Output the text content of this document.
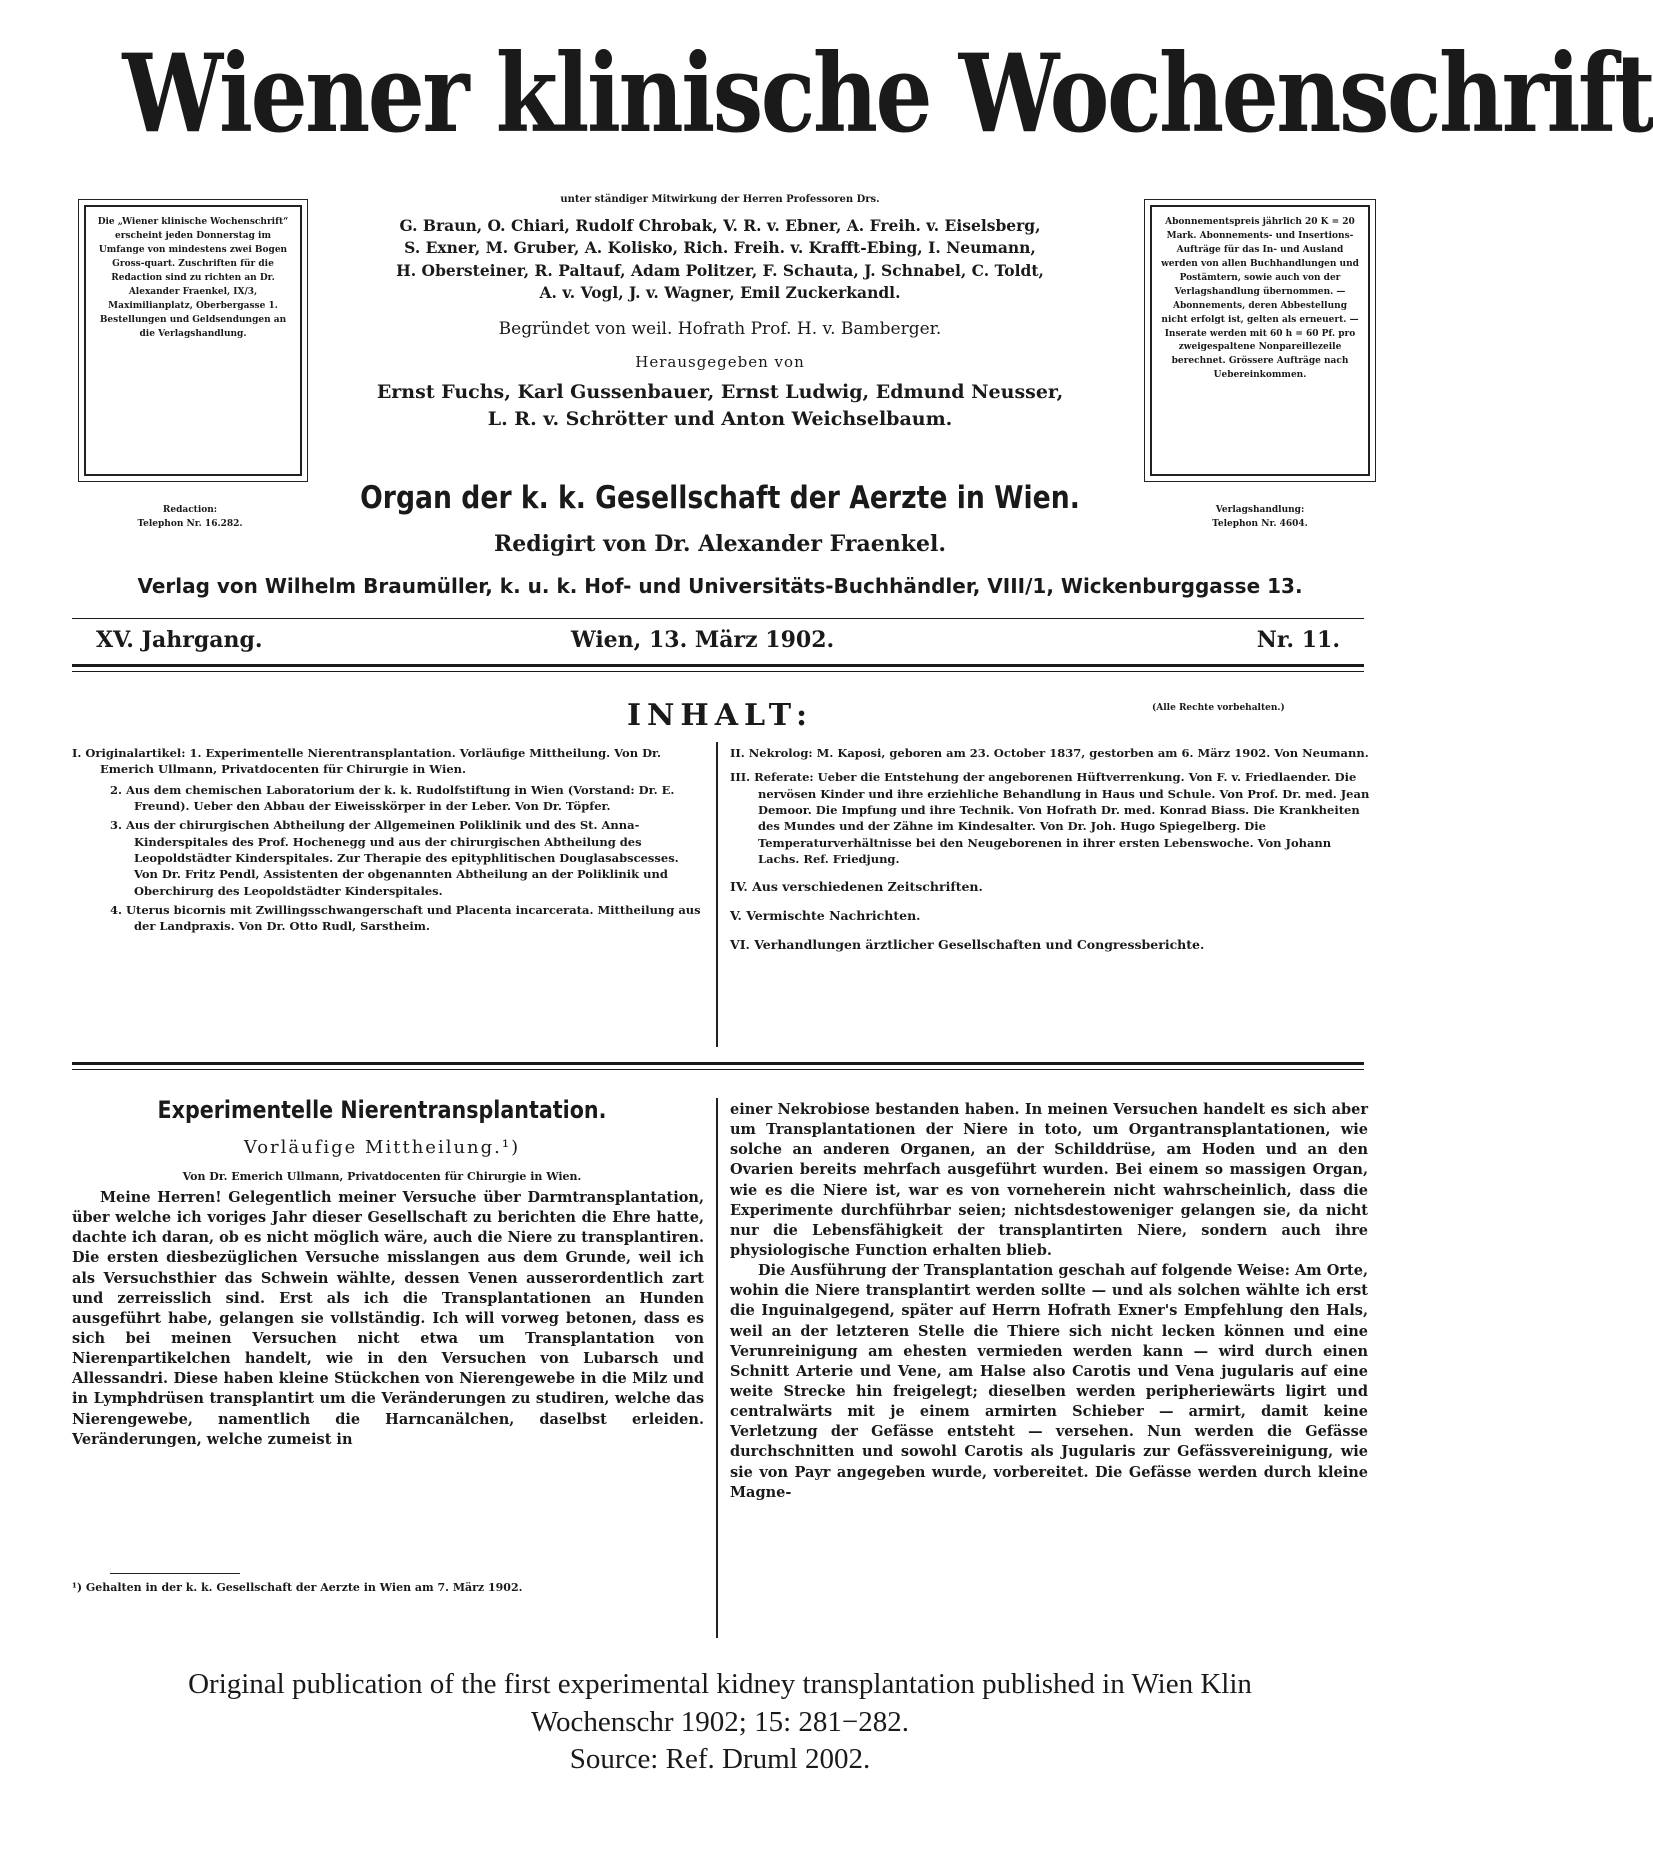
Wiener klinische Wochenschrift
Die „Wiener klinische Wochenschrift“ erscheint jeden Donnerstag im Umfange von mindestens zwei Bogen Gross-quart. Zuschriften für die Redaction sind zu richten an Dr. Alexander Fraenkel, IX/3, Maximilianplatz, Oberbergasse 1. Bestellungen und Geldsendungen an die Verlagshandlung.
Redaction:
Telephon Nr. 16.282.
Abonnementspreis jährlich 20 K = 20 Mark. Abonnements- und Insertions-Aufträge für das In- und Ausland werden von allen Buchhandlungen und Postämtern, sowie auch von der Verlagshandlung übernommen. — Abonnements, deren Abbestellung nicht erfolgt ist, gelten als erneuert. — Inserate werden mit 60 h = 60 Pf. pro zweigespaltene Nonpareillezeile berechnet. Grössere Aufträge nach Uebereinkommen.
Verlagshandlung:
Telephon Nr. 4604.

unter ständiger Mitwirkung der Herren Professoren Drs.

G. Braun, O. Chiari, Rudolf Chrobak, V. R. v. Ebner, A. Freih. v. Eiselsberg,

S. Exner, M. Gruber, A. Kolisko, Rich. Freih. v. Krafft-Ebing, I. Neumann,

H. Obersteiner, R. Paltauf, Adam Politzer, F. Schauta, J. Schnabel, C. Toldt,

A. v. Vogl, J. v. Wagner, Emil Zuckerkandl.

Begründet von weil. Hofrath Prof. H. v. Bamberger.

Herausgegeben von

Ernst Fuchs, Karl Gussenbauer, Ernst Ludwig, Edmund Neusser,

L. R. v. Schrötter und Anton Weichselbaum.

Organ der k. k. Gesellschaft der Aerzte in Wien.
Redigirt von Dr. Alexander Fraenkel.
Verlag von Wilhelm Braumüller, k. u. k. Hof- und Universitäts-Buchhändler, VIII/1, Wickenburggasse 13.
XV. Jahrgang.	Wien, 13. März 1902.	Nr. 11.
INHALT:	(Alle Rechte vorbehalten.)

I. Originalartikel: 1. Experimentelle Nierentransplantation. Vorläufige Mittheilung. Von Dr. Emerich Ullmann, Privatdocenten für Chirurgie in Wien.

2. Aus dem chemischen Laboratorium der k. k. Rudolfstiftung in Wien (Vorstand: Dr. E. Freund). Ueber den Abbau der Eiweisskörper in der Leber. Von Dr. Töpfer.

3. Aus der chirurgischen Abtheilung der Allgemeinen Poliklinik und des St. Anna-Kinderspitales des Prof. Hochenegg und aus der chirurgischen Abtheilung des Leopoldstädter Kinderspitales. Zur Therapie des epityphlitischen Douglasabscesses. Von Dr. Fritz Pendl, Assistenten der obgenannten Abtheilung an der Poliklinik und Oberchirurg des Leopoldstädter Kinderspitales.

4. Uterus bicornis mit Zwillingsschwangerschaft und Placenta incarcerata. Mittheilung aus der Landpraxis. Von Dr. Otto Rudl, Sarstheim.

II. Nekrolog: M. Kaposi, geboren am 23. October 1837, gestorben am 6. März 1902. Von Neumann.

III. Referate: Ueber die Entstehung der angeborenen Hüftverrenkung. Von F. v. Friedlaender. Die nervösen Kinder und ihre erziehliche Behandlung in Haus und Schule. Von Prof. Dr. med. Jean Demoor. Die Impfung und ihre Technik. Von Hofrath Dr. med. Konrad Biass. Die Krankheiten des Mundes und der Zähne im Kindesalter. Von Dr. Joh. Hugo Spiegelberg. Die Temperaturverhältnisse bei den Neugeborenen in ihrer ersten Lebenswoche. Von Johann Lachs. Ref. Friedjung.

IV. Aus verschiedenen Zeitschriften.

V. Vermischte Nachrichten.

VI. Verhandlungen ärztlicher Gesellschaften und Congressberichte.

Experimentelle Nierentransplantation.
Vorläufige Mittheilung.¹)
Von Dr. Emerich Ullmann, Privatdocenten für Chirurgie in Wien.

Meine Herren! Gelegentlich meiner Versuche über Darmtransplantation, über welche ich voriges Jahr dieser Gesellschaft zu berichten die Ehre hatte, dachte ich daran, ob es nicht möglich wäre, auch die Niere zu transplantiren. Die ersten diesbezüglichen Versuche misslangen aus dem Grunde, weil ich als Versuchsthier das Schwein wählte, dessen Venen ausserordentlich zart und zerreisslich sind. Erst als ich die Transplantationen an Hunden ausgeführt habe, gelangen sie vollständig. Ich will vorweg betonen, dass es sich bei meinen Versuchen nicht etwa um Transplantation von Nierenpartikelchen handelt, wie in den Versuchen von Lubarsch und Allessandri. Diese haben kleine Stückchen von Nierengewebe in die Milz und in Lymphdrüsen transplantirt um die Veränderungen zu studiren, welche das Nierengewebe, namentlich die Harncanälchen, daselbst erleiden. Veränderungen, welche zumeist in

¹) Gehalten in der k. k. Gesellschaft der Aerzte in Wien am 7. März 1902.

einer Nekrobiose bestanden haben. In meinen Versuchen handelt es sich aber um Transplantationen der Niere in toto, um Organtransplantationen, wie solche an anderen Organen, an der Schilddrüse, am Hoden und an den Ovarien bereits mehrfach ausgeführt wurden. Bei einem so massigen Organ, wie es die Niere ist, war es von vorneherein nicht wahrscheinlich, dass die Experimente durchführbar seien; nichtsdestoweniger gelangen sie, da nicht nur die Lebensfähigkeit der transplantirten Niere, sondern auch ihre physiologische Function erhalten blieb.

Die Ausführung der Transplantation geschah auf folgende Weise: Am Orte, wohin die Niere transplantirt werden sollte — und als solchen wählte ich erst die Inguinalgegend, später auf Herrn Hofrath Exner's Empfehlung den Hals, weil an der letzteren Stelle die Thiere sich nicht lecken können und eine Verunreinigung am ehesten vermieden werden kann — wird durch einen Schnitt Arterie und Vene, am Halse also Carotis und Vena jugularis auf eine weite Strecke hin freigelegt; dieselben werden peripheriewärts ligirt und centralwärts mit je einem armirten Schieber — armirt, damit keine Verletzung der Gefässe entsteht — versehen. Nun werden die Gefässe durchschnitten und sowohl Carotis als Jugularis zur Gefässvereinigung, wie sie von Payr angegeben wurde, vorbereitet. Die Gefässe werden durch kleine Magne-

Original publication of the first experimental kidney transplantation published in Wien Klin
Wochenschr 1902; 15: 281−282.
Source: Ref. Druml 2002.
